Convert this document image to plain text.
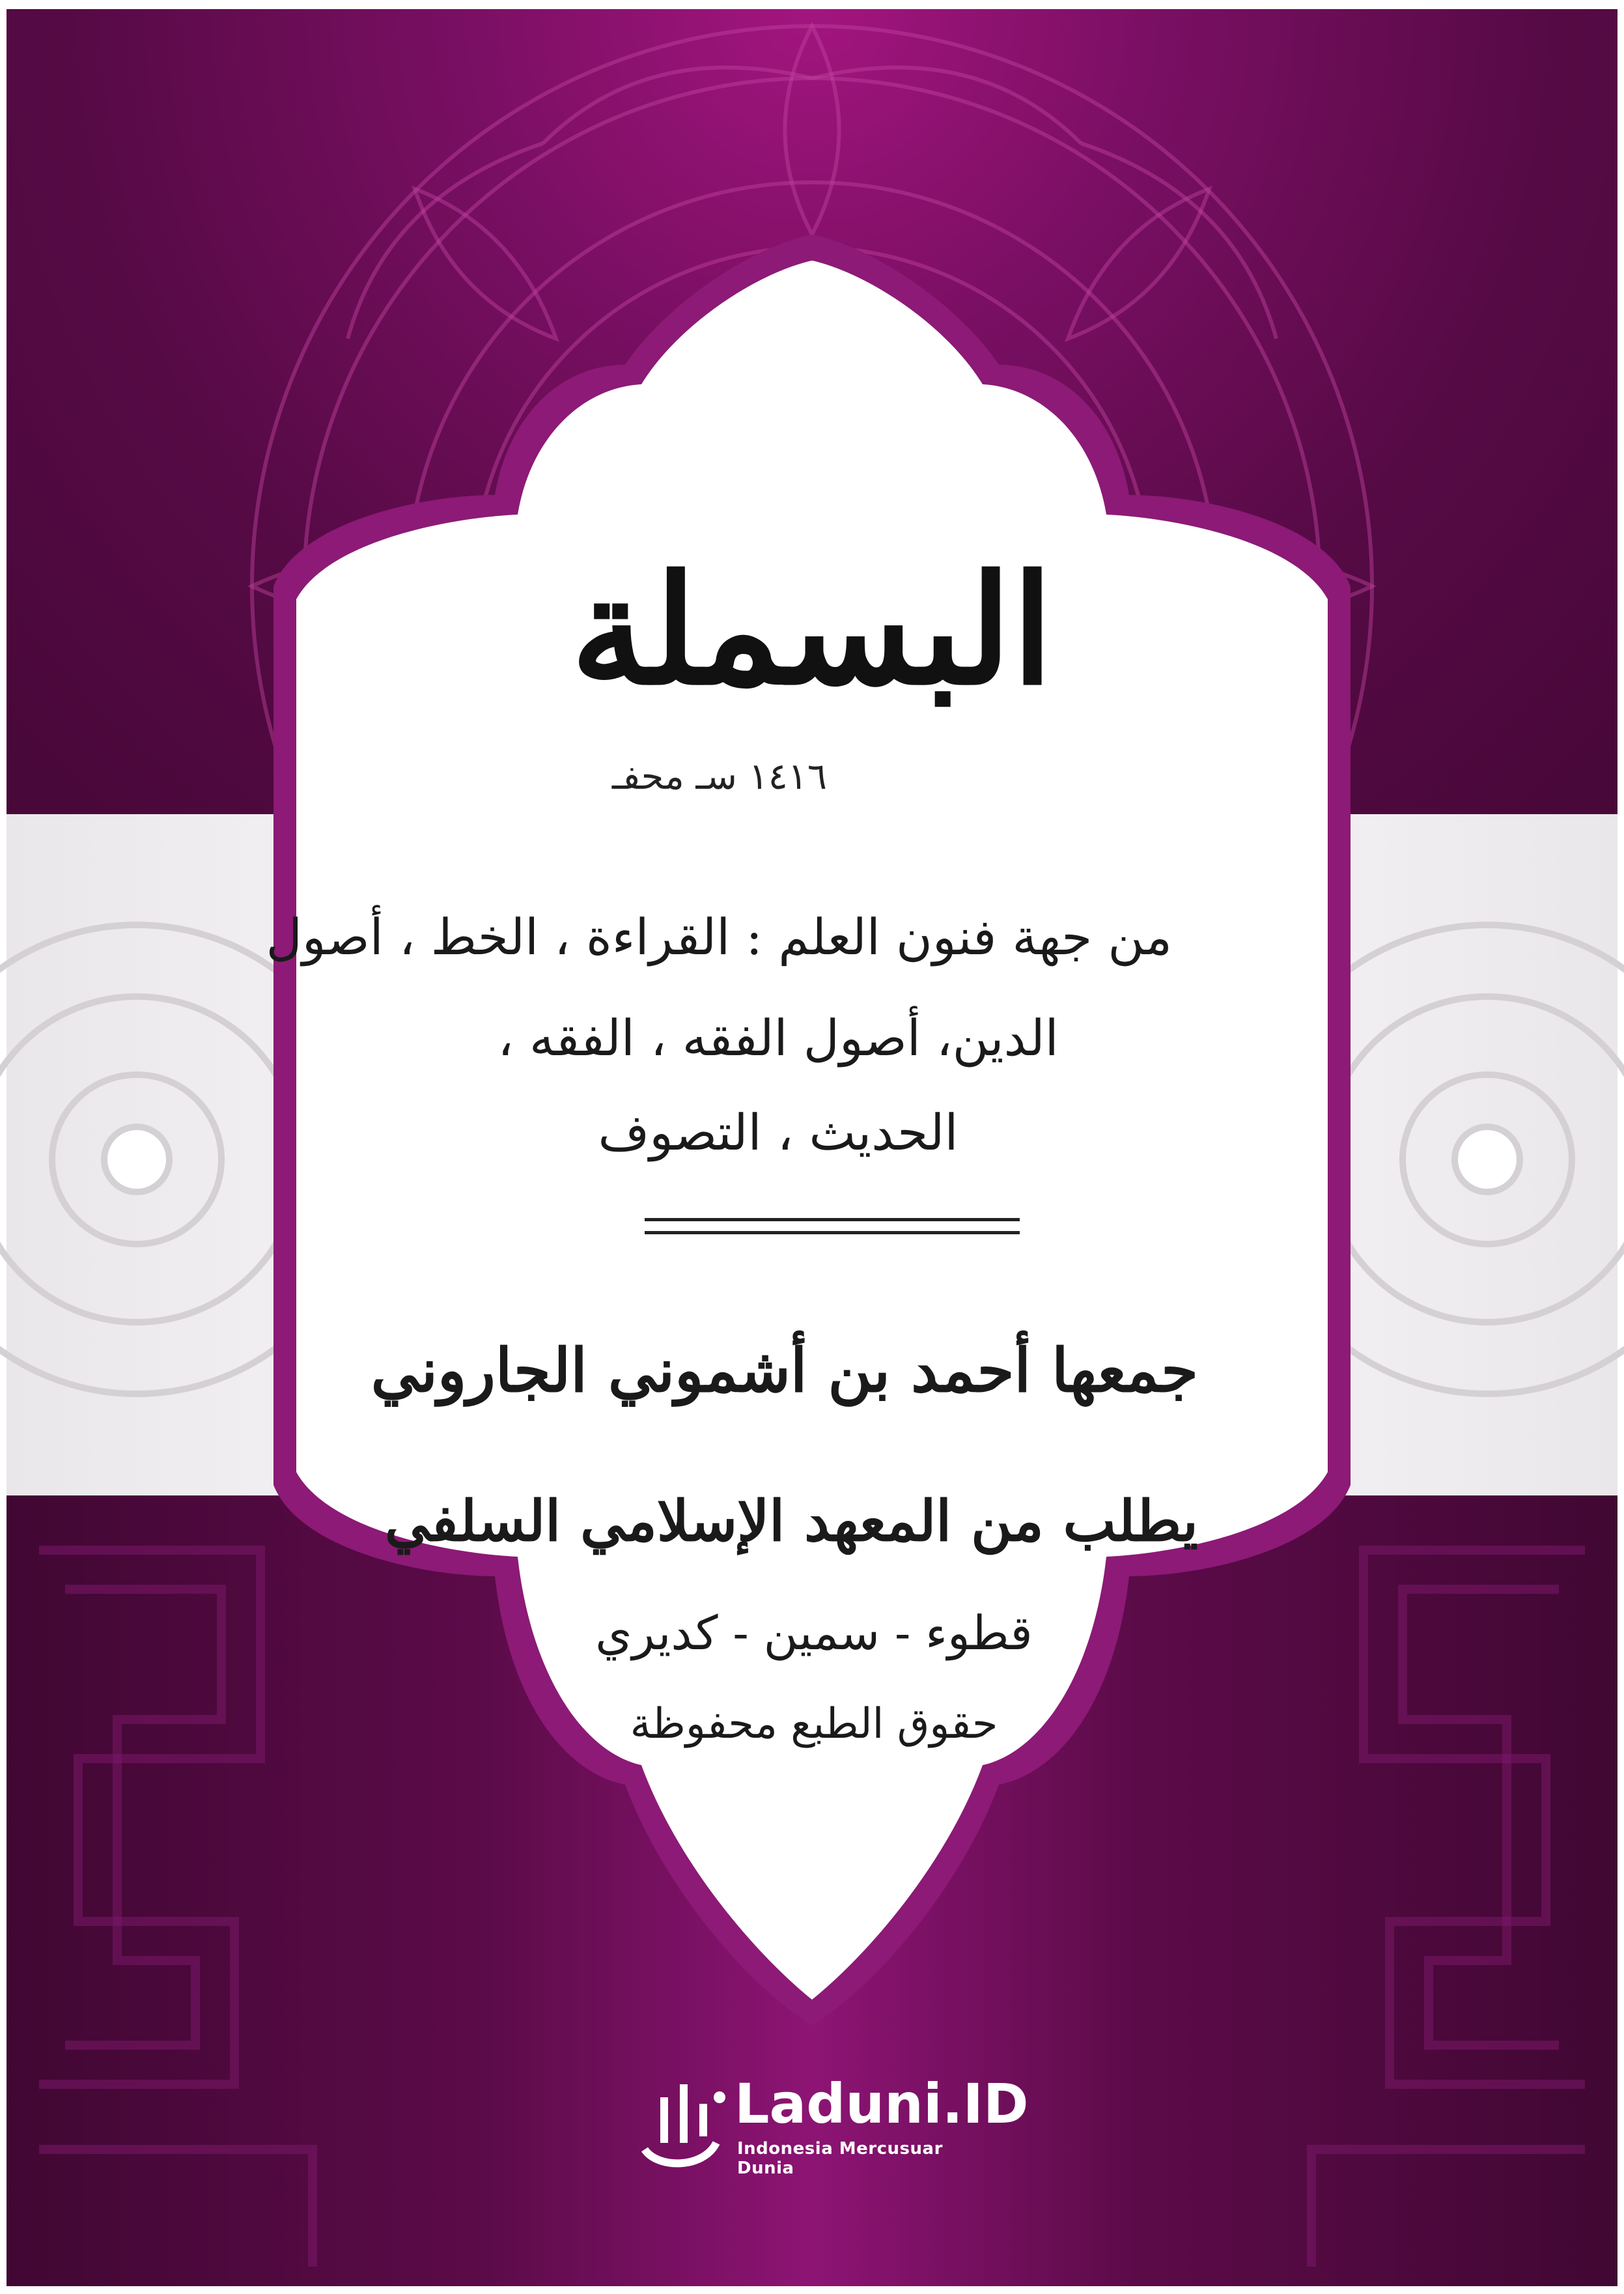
البسملة
١٤١٦ سـ محفـ
من جهة فنون العلم : القراءة ، الخط ، أصول
الدين، أصول الفقه ، الفقه ،
الحديث ، التصوف
جمعها أحمد بن أشموني الجاروني
يطلب من المعهد الإسلامي السلفي
قطوء - سمين - كديري
حقوق الطبع محفوظة
Laduni.ID
Indonesia Mercusuar Dunia
